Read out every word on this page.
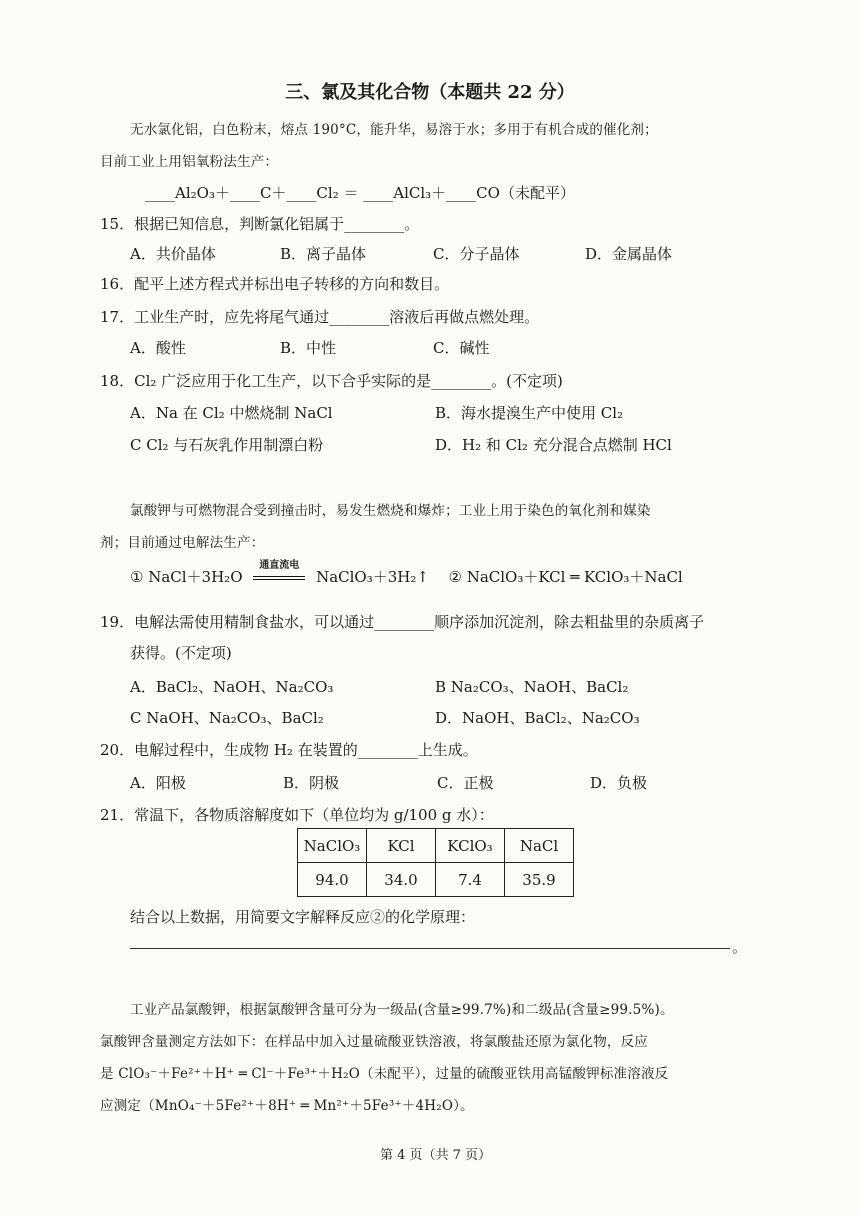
三、氯及其化合物（本题共 22 分）
无水氯化铝，白色粉末，熔点 190°C，能升华，易溶于水；多用于有机合成的催化剂；
目前工业上用铝氧粉法生产：
____Al₂O₃＋____C＋____Cl₂ ＝ ____AlCl₃＋____CO（未配平）
15．根据已知信息，判断氯化铝属于________。
A．共价晶体	B．离子晶体	C．分子晶体	D．金属晶体
16．配平上述方程式并标出电子转移的方向和数目。
17．工业生产时，应先将尾气通过________溶液后再做点燃处理。
A．酸性	B．中性	C．碱性
18．Cl₂ 广泛应用于化工生产，以下合乎实际的是________。(不定项)
A．Na 在 Cl₂ 中燃烧制 NaCl	B．海水提溴生产中使用 Cl₂
C Cl₂ 与石灰乳作用制漂白粉	D．H₂ 和 Cl₂ 充分混合点燃制 HCl
氯酸钾与可燃物混合受到撞击时，易发生燃烧和爆炸；工业上用于染色的氧化剂和媒染
剂；目前通过电解法生产：
① NaCl＋3H₂O
通直流电
NaClO₃＋3H₂↑ ② NaClO₃＋KCl ═ KClO₃＋NaCl
19．电解法需使用精制食盐水，可以通过________顺序添加沉淀剂，除去粗盐里的杂质离子
获得。(不定项)
A．BaCl₂、NaOH、Na₂CO₃	B Na₂CO₃、NaOH、BaCl₂
C NaOH、Na₂CO₃、BaCl₂	D．NaOH、BaCl₂、Na₂CO₃
20．电解过程中，生成物 H₂ 在装置的________上生成。
A．阳极	B．阴极	C．正极	D．负极
21．常温下，各物质溶解度如下（单位均为 g/100 g 水）：
NaClO₃	KCl	KClO₃	NaCl
94.0	34.0	7.4	35.9
结合以上数据，用简要文字解释反应②的化学原理：
。
工业产品氯酸钾，根据氯酸钾含量可分为一级品(含量≥99.7%)和二级品(含量≥99.5%)。
氯酸钾含量测定方法如下：在样品中加入过量硫酸亚铁溶液，将氯酸盐还原为氯化物，反应
是 ClO₃⁻＋Fe²⁺＋H⁺ ═ Cl⁻＋Fe³⁺＋H₂O（未配平），过量的硫酸亚铁用高锰酸钾标准溶液反
应测定（MnO₄⁻＋5Fe²⁺＋8H⁺ ═ Mn²⁺＋5Fe³⁺＋4H₂O）。
第 4 页（共 7 页）
